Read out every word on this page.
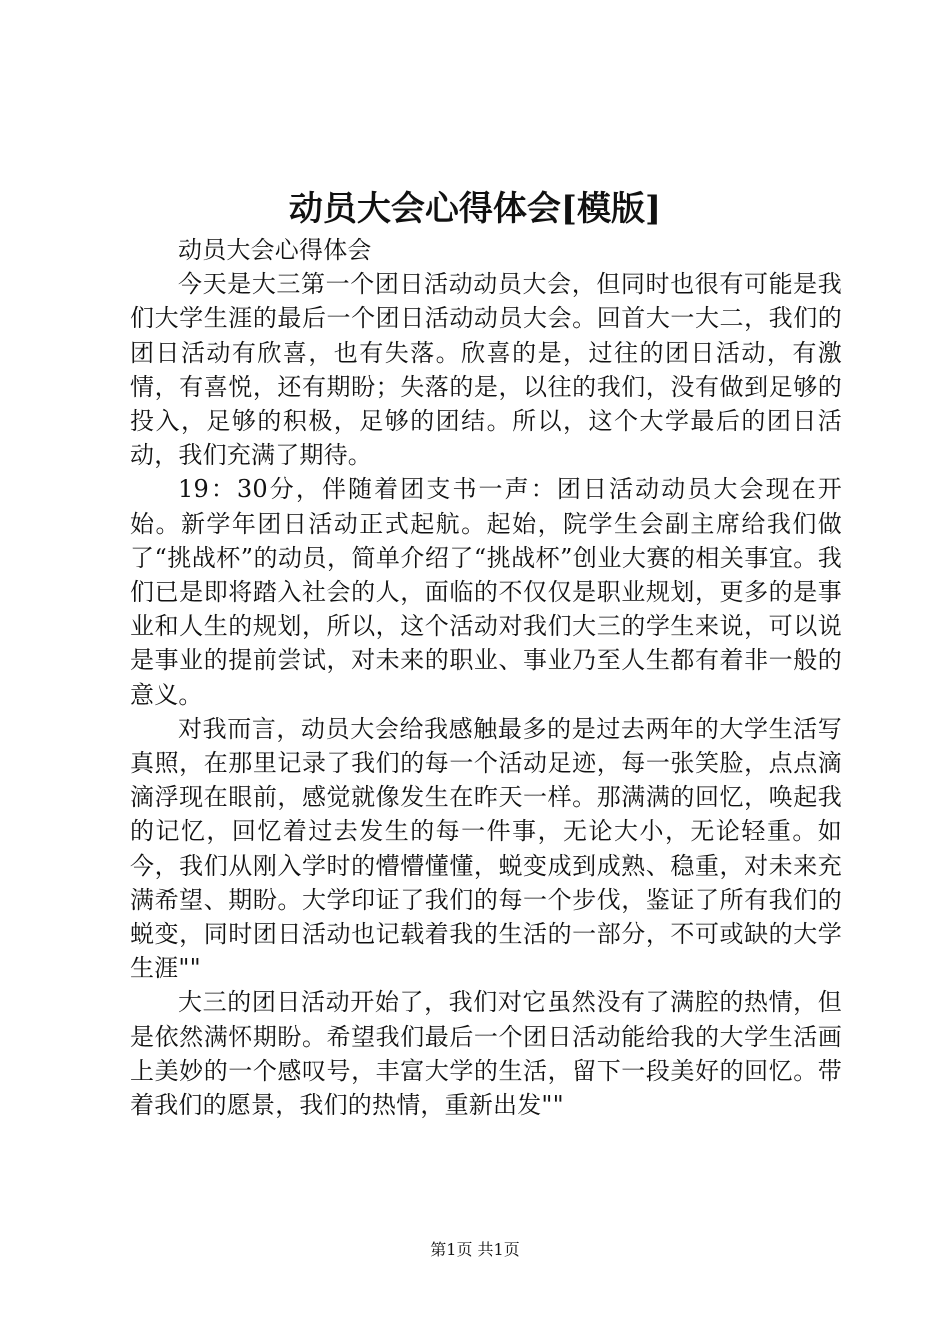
动员大会心得体会[模版]

动员大会心得体会

今天是大三第一个团日活动动员大会，但同时也很有可能是我们大学生涯的最后一个团日活动动员大会。回首大一大二，我们的团日活动有欣喜，也有失落。欣喜的是，过往的团日活动，有激情，有喜悦，还有期盼；失落的是，以往的我们，没有做到足够的投入，足够的积极，足够的团结。所以，这个大学最后的团日活动，我们充满了期待。

19：30分，伴随着团支书一声：团日活动动员大会现在开始。新学年团日活动正式起航。起始，院学生会副主席给我们做了“挑战杯”的动员，简单介绍了“挑战杯”创业大赛的相关事宜。我们已是即将踏入社会的人，面临的不仅仅是职业规划，更多的是事业和人生的规划，所以，这个活动对我们大三的学生来说，可以说是事业的提前尝试，对未来的职业、事业乃至人生都有着非一般的意义。

对我而言，动员大会给我感触最多的是过去两年的大学生活写真照，在那里记录了我们的每一个活动足迹，每一张笑脸，点点滴滴浮现在眼前，感觉就像发生在昨天一样。那满满的回忆，唤起我的记忆，回忆着过去发生的每一件事，无论大小，无论轻重。如今，我们从刚入学时的懵懵懂懂，蜕变成到成熟、稳重，对未来充满希望、期盼。大学印证了我们的每一个步伐，鉴证了所有我们的蜕变，同时团日活动也记载着我的生活的一部分，不可或缺的大学生涯""

大三的团日活动开始了，我们对它虽然没有了满腔的热情，但是依然满怀期盼。希望我们最后一个团日活动能给我的大学生活画上美妙的一个感叹号，丰富大学的生活，留下一段美好的回忆。带着我们的愿景，我们的热情，重新出发""

第1页 共1页
